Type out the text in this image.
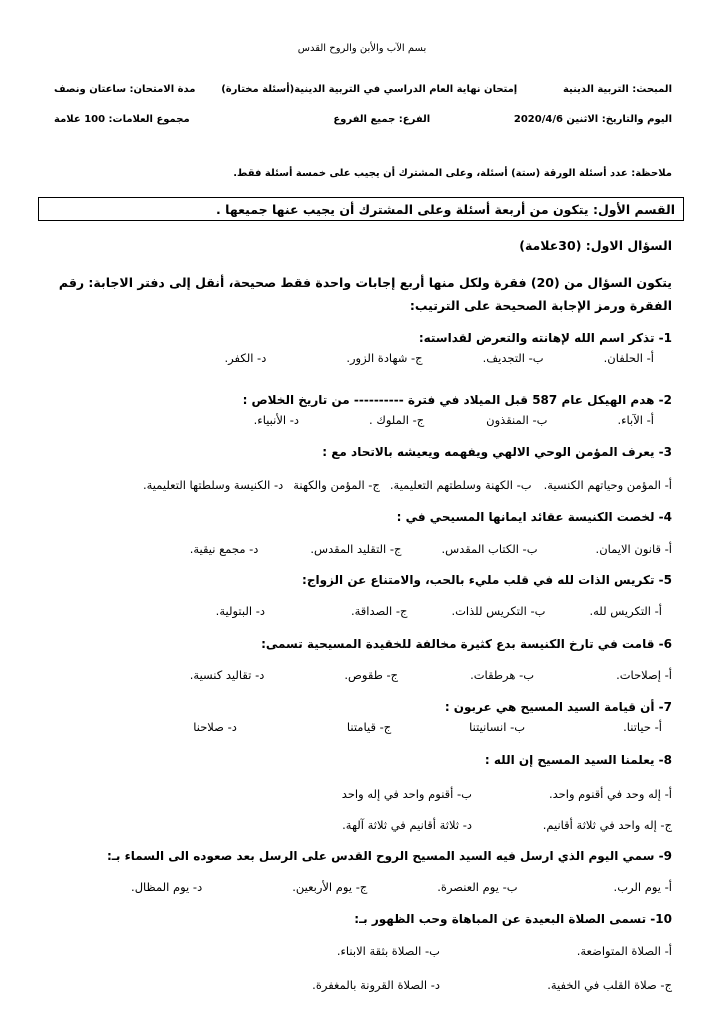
بسم الآب والأبن والروح القدس
المبحث: التربية الدينية
إمتحان نهاية العام الدراسي في التربية الدينية(أسئلة مختارة)
مدة الامتحان: ساعتان ونصف
اليوم والتاريخ: الاثنين 2020/4/6
الفرع: جميع الفروع
مجموع العلامات: 100 علامة
ملاحظة: عدد أسئلة الورقة (ستة) أسئلة، وعلى المشترك أن يجيب على خمسة أسئلة فقط.
القسم الأول: يتكون من أربعة أسئلة وعلى المشترك أن يجيب عنها جميعها .
السؤال الاول: (30علامة)
يتكون السؤال من (20) فقرة ولكل منها أربع إجابات واحدة فقط صحيحة، أنقل إلى دفتر الاجابة: رقم الفقرة ورمز الإجابة الصحيحة على الترتيب:
1- تذكر اسم الله لإهانته والتعرض لقداسته:
أ- الحلفان.
ب- التجديف.
ج- شهادة الزور.
د- الكفر.
2- هدم الهيكل عام 587 قبل الميلاد في فترة ---------- من تاريخ الخلاص :
أ- الآباء.
ب- المنقذون
ج- الملوك .
د- الأنبياء.
3- يعرف المؤمن الوحي الالهي ويفهمه ويعيشه بالاتحاد مع :
أ- المؤمن وحياتهم الكنسية.
ب- الكهنة وسلطتهم التعليمية.
ج- المؤمن والكهنة
د- الكنيسة وسلطتها التعليمية.
4- لخصت الكنيسة عقائد ايمانها المسيحي في :
أ- قانون الايمان.
ب- الكتاب المقدس.
ج- التقليد المقدس.
د- مجمع نيقية.
5- تكريس الذات لله في قلب مليء بالحب، والامتناع عن الزواج:
أ- التكريس لله.
ب- التكريس للذات.
ج- الصداقة.
د- البتولية.
6- قامت في تارخ الكنيسة بدع كثيرة مخالفة للخقيدة المسيحية تسمى:
أ- إصلاحات.
ب- هرطقات.
ج- طقوص.
د- تقاليد كنسية.
7- أن قيامة السيد المسيح هي عربون :
أ- حياتنا.
ب- انسانيتنا
ج- قيامتنا
د- صلاحنا
8- يعلمنا السيد المسيح إن الله :
أ- إله وحد في أقنوم واحد.
ب- أقنوم واحد في إله واحد
ج- إله واحد في ثلاثة أقانيم.
د- ثلاثة أقانيم في ثلاثة آلهة.
9- سمي اليوم الذي ارسل فيه السيد المسيح الروح القدس على الرسل بعد صعوده الى السماء بـ:
أ- يوم الرب.
ب- يوم العنصرة.
ج- يوم الأربعين.
د- يوم المظال.
10- تسمى الصلاة البعيدة عن المباهاة وحب الظهور بـ:
أ- الصلاة المتواضعة.
ب- الصلاة بثقة الابناء.
ج- صلاة القلب في الخفية.
د- الصلاة القرونة بالمغفرة.
